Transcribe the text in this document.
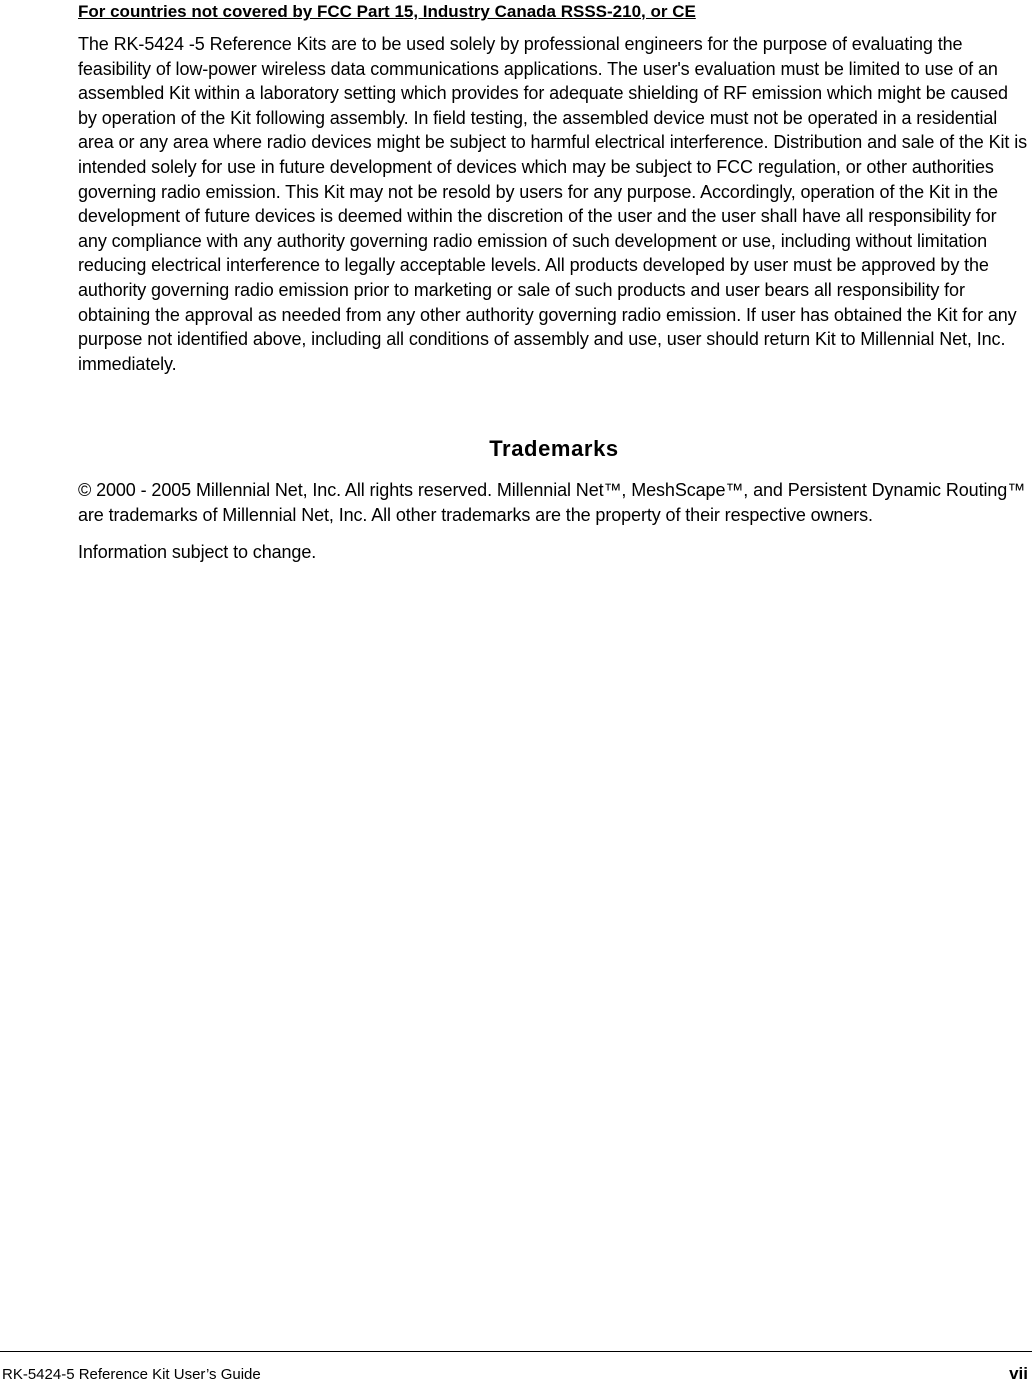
For countries not covered by FCC Part 15, Industry Canada RSSS-210, or CE

The RK-5424 -5 Reference Kits are to be used solely by professional engineers for the purpose of evaluating the feasibility of low-power wireless data communications applications. The user's evaluation must be limited to use of an assembled Kit within a laboratory setting which provides for adequate shielding of RF emission which might be caused by operation of the Kit following assembly. In field testing, the assembled device must not be operated in a residential area or any area where radio devices might be subject to harmful electrical interference. Distribution and sale of the Kit is intended solely for use in future development of devices which may be subject to FCC regulation, or other authorities governing radio emission. This Kit may not be resold by users for any purpose. Accordingly, operation of the Kit in the development of future devices is deemed within the discretion of the user and the user shall have all responsibility for any compliance with any authority governing radio emission of such development or use, including without limitation reducing electrical interference to legally acceptable levels. All products developed by user must be approved by the authority governing radio emission prior to marketing or sale of such products and user bears all responsibility for obtaining the approval as needed from any other authority governing radio emission. If user has obtained the Kit for any purpose not identified above, including all conditions of assembly and use, user should return Kit to Millennial Net, Inc. immediately.

Trademarks

© 2000 - 2005 Millennial Net, Inc. All rights reserved. Millennial Net™, MeshScape™, and Persistent Dynamic Routing™ are trademarks of Millennial Net, Inc. All other trademarks are the property of their respective owners.

Information subject to change.

RK-5424-5 Reference Kit User’s Guide	vii
